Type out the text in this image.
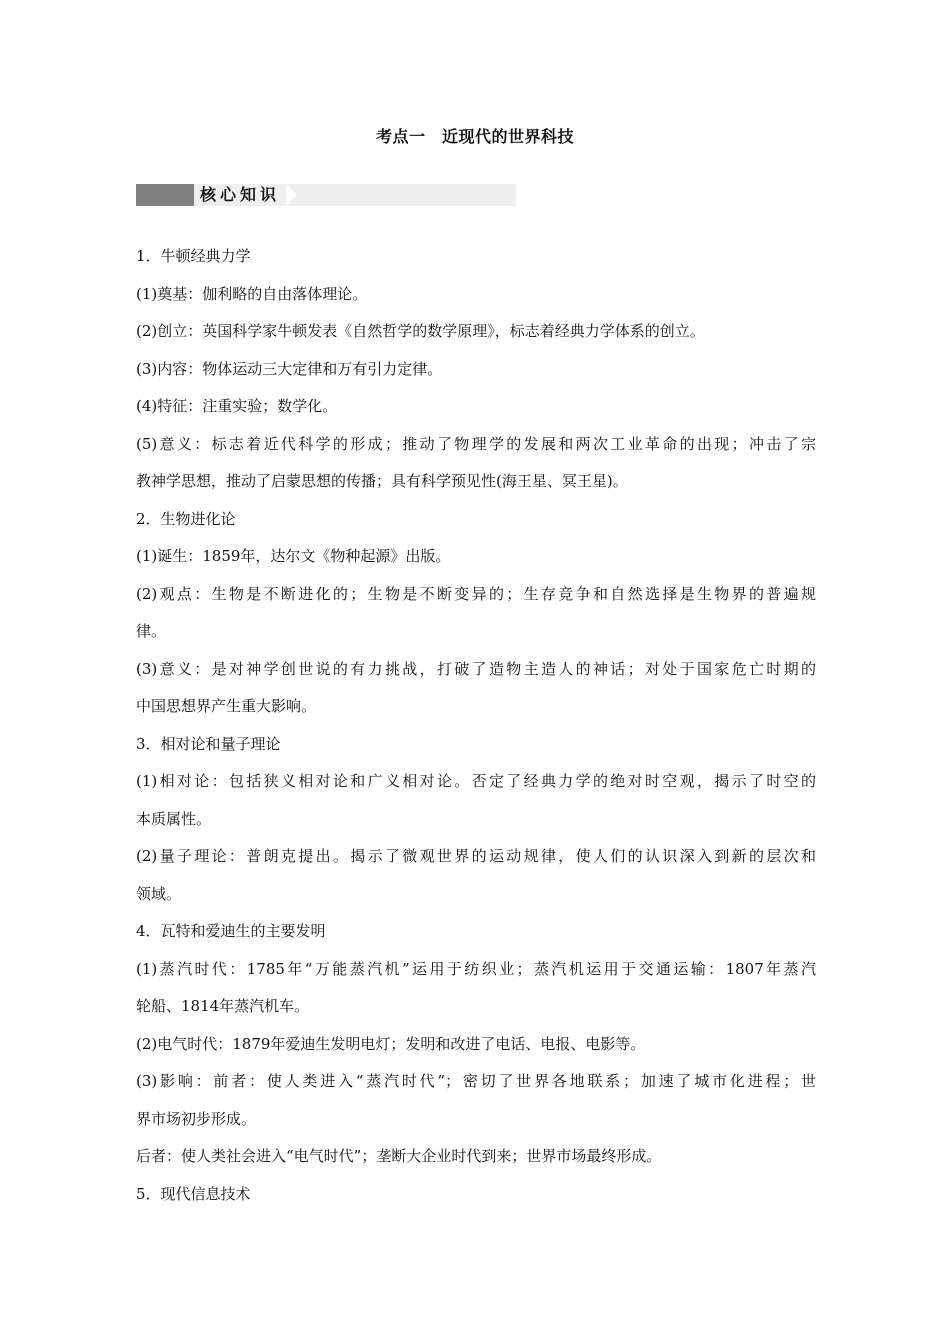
考点一　近现代的世界科技
核心知识
1．牛顿经典力学
(1)奠基：伽利略的自由落体理论。
(2)创立：英国科学家牛顿发表《自然哲学的数学原理》，标志着经典力学体系的创立。
(3)内容：物体运动三大定律和万有引力定律。
(4)特征：注重实验；数学化。
(5)意义：标志着近代科学的形成；推动了物理学的发展和两次工业革命的出现；冲击了宗
教神学思想，推动了启蒙思想的传播；具有科学预见性(海王星、冥王星)。
2．生物进化论
(1)诞生：1859年，达尔文《物种起源》出版。
(2)观点：生物是不断进化的；生物是不断变异的；生存竞争和自然选择是生物界的普遍规
律。
(3)意义：是对神学创世说的有力挑战，打破了造物主造人的神话；对处于国家危亡时期的
中国思想界产生重大影响。
3．相对论和量子理论
(1)相对论：包括狭义相对论和广义相对论。否定了经典力学的绝对时空观，揭示了时空的
本质属性。
(2)量子理论：普朗克提出。揭示了微观世界的运动规律，使人们的认识深入到新的层次和
领域。
4．瓦特和爱迪生的主要发明
(1)蒸汽时代：1785年“万能蒸汽机”运用于纺织业；蒸汽机运用于交通运输：1807年蒸汽
轮船、1814年蒸汽机车。
(2)电气时代：1879年爱迪生发明电灯；发明和改进了电话、电报、电影等。
(3)影响：前者：使人类进入“蒸汽时代”；密切了世界各地联系；加速了城市化进程；世
界市场初步形成。
后者：使人类社会进入“电气时代”；垄断大企业时代到来；世界市场最终形成。
5．现代信息技术
